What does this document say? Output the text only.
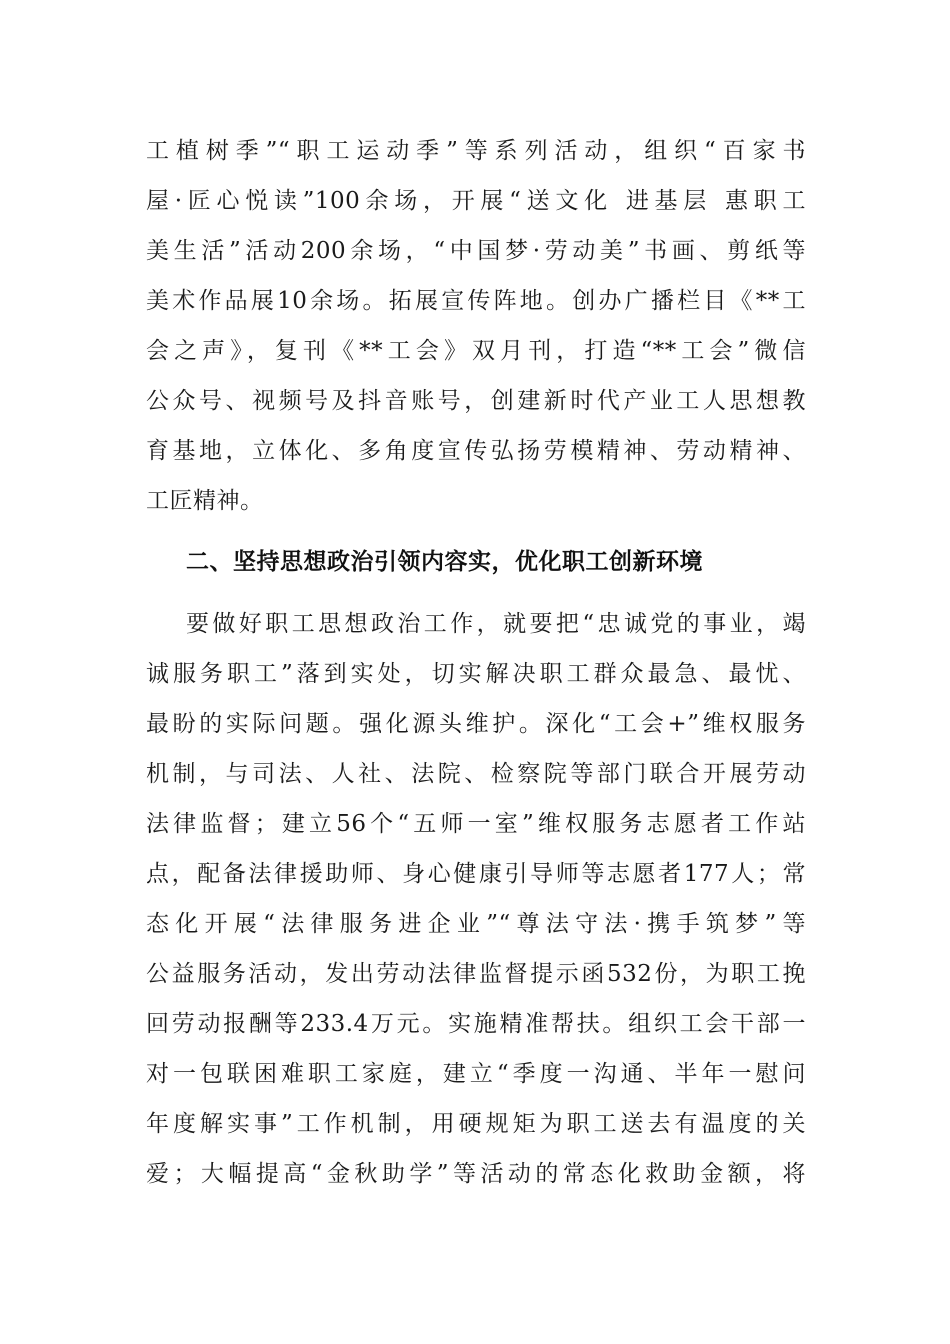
工植树季”“职工运动季”等系列活动，组织“百家书
屋·匠心悦读”100余场，开展“送文化 进基层 惠职工
美生活”活动200余场，“中国梦·劳动美”书画、剪纸等
美术作品展10余场。拓展宣传阵地。创办广播栏目《**工
会之声》，复刊《**工会》双月刊，打造“**工会”微信
公众号、视频号及抖音账号，创建新时代产业工人思想教
育基地，立体化、多角度宣传弘扬劳模精神、劳动精神、
工匠精神。
二、坚持思想政治引领内容实，优化职工创新环境
要做好职工思想政治工作，就要把“忠诚党的事业，竭
诚服务职工”落到实处，切实解决职工群众最急、最忧、
最盼的实际问题。强化源头维护。深化“工会+”维权服务
机制，与司法、人社、法院、检察院等部门联合开展劳动
法律监督；建立56个“五师一室”维权服务志愿者工作站
点，配备法律援助师、身心健康引导师等志愿者177人；常
态化开展“法律服务进企业”“尊法守法·携手筑梦”等
公益服务活动，发出劳动法律监督提示函532份，为职工挽
回劳动报酬等233.4万元。实施精准帮扶。组织工会干部一
对一包联困难职工家庭，建立“季度一沟通、半年一慰问
年度解实事”工作机制，用硬规矩为职工送去有温度的关
爱；大幅提高“金秋助学”等活动的常态化救助金额，将
